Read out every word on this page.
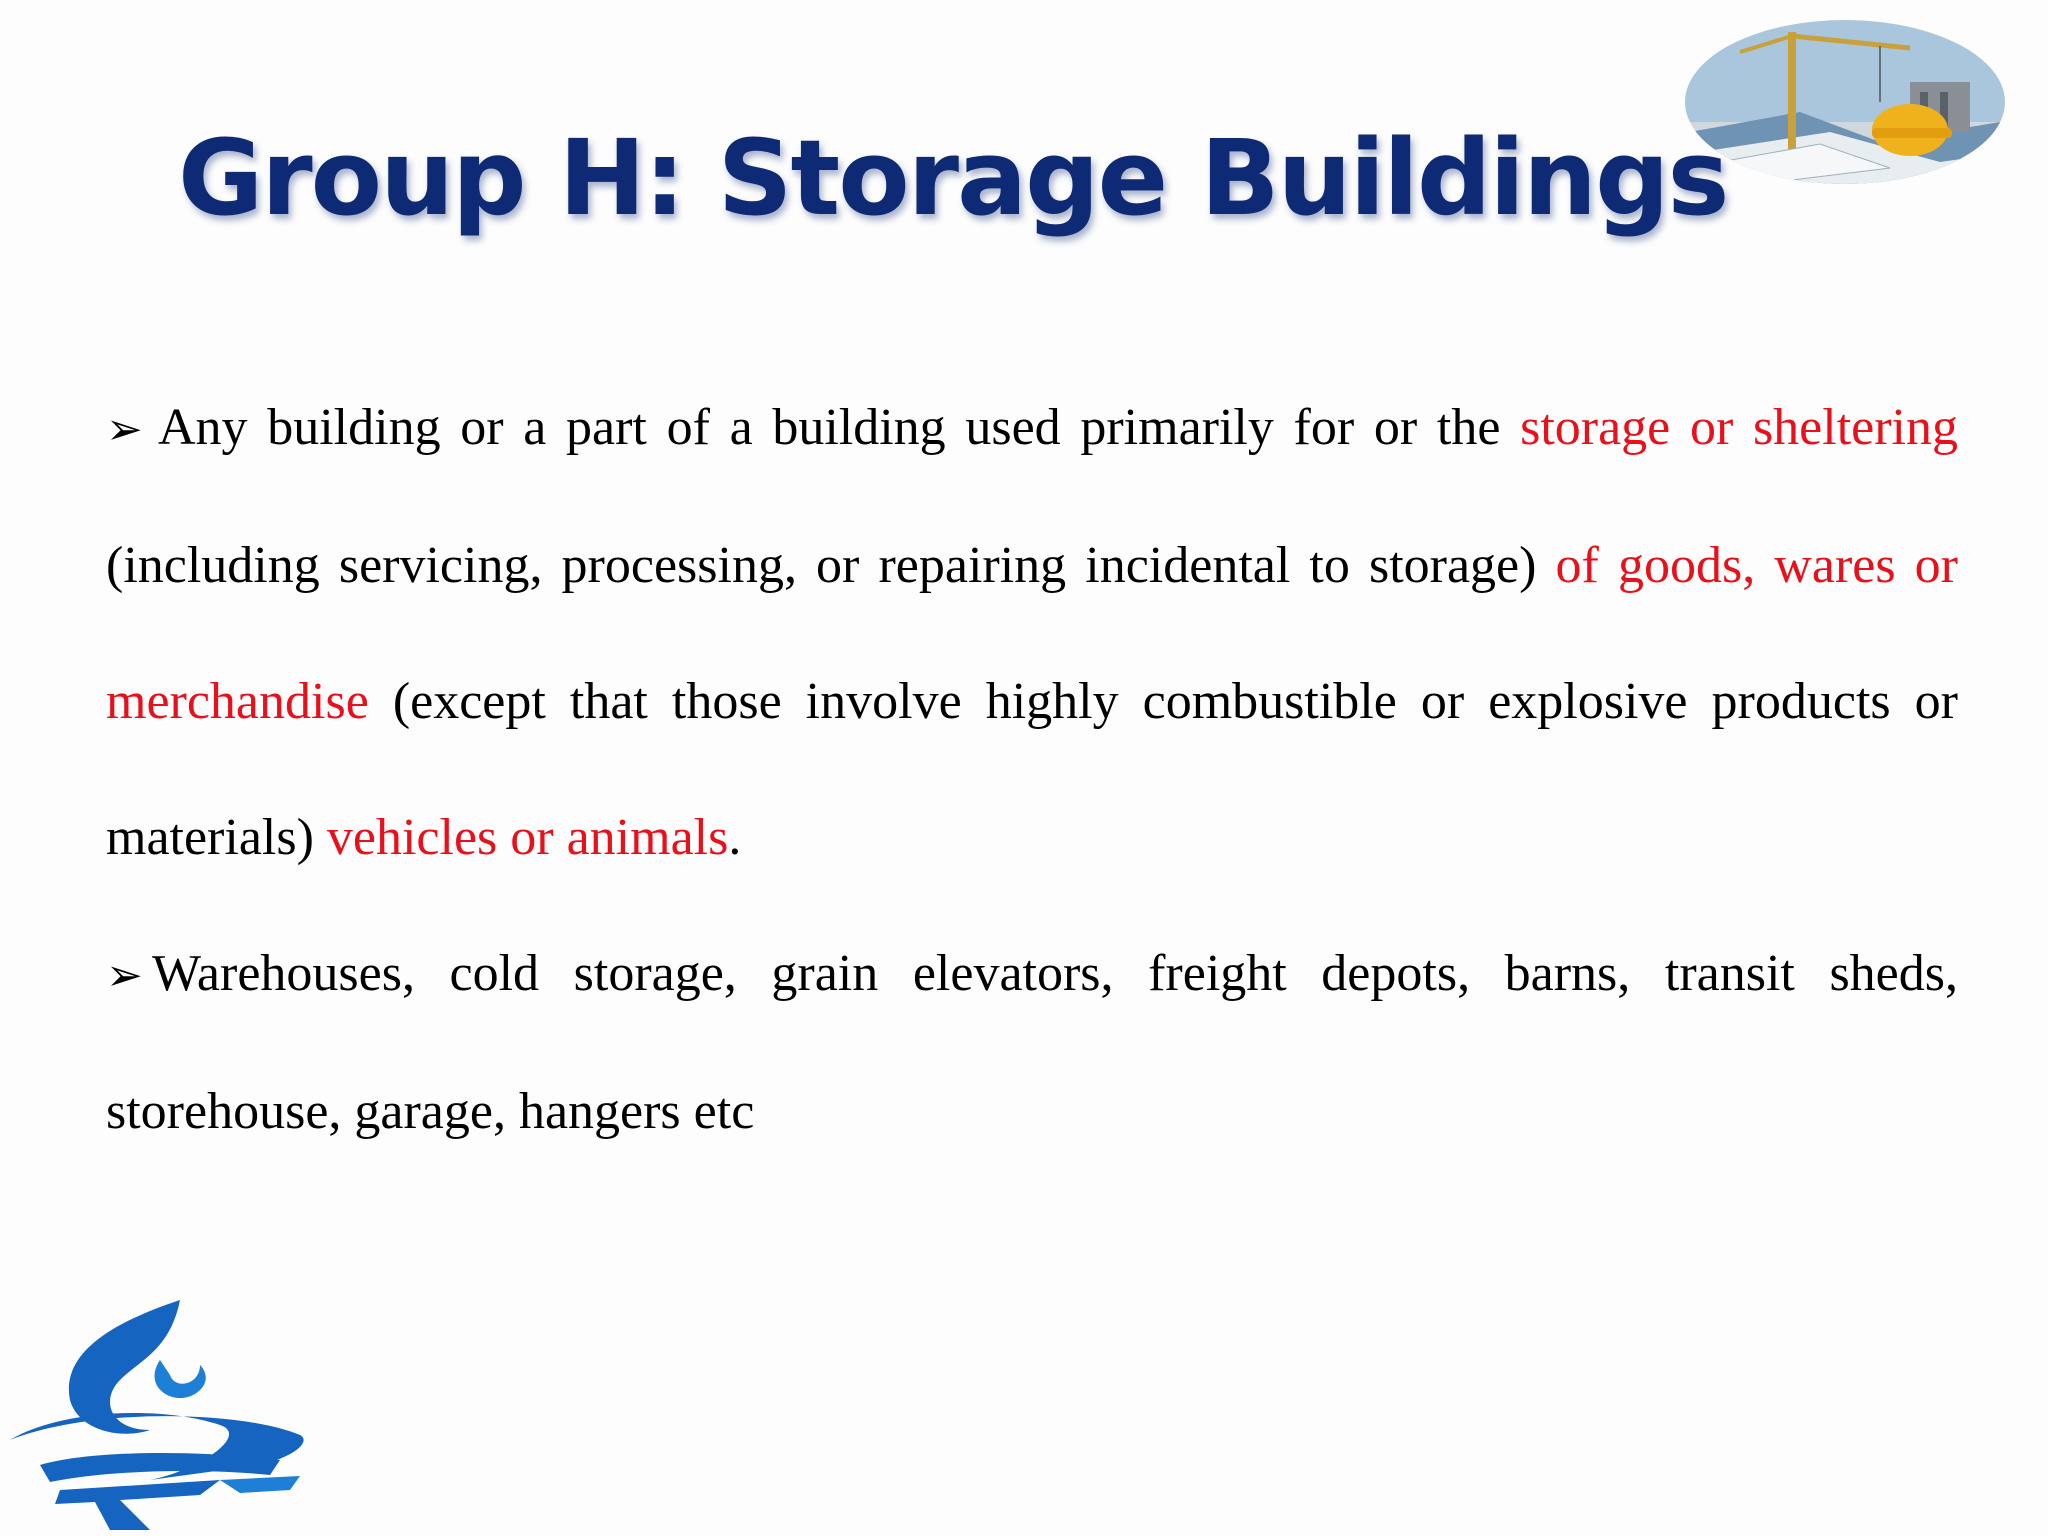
Group H: Storage Buildings

➢ Any building or a part of a building used primarily for or the storage or sheltering (including servicing, processing, or repairing incidental to storage) of goods, wares or merchandise (except that those involve highly combustible or explosive products or materials) vehicles or animals.

➢ Warehouses, cold storage, grain elevators, freight depots, barns, transit sheds, storehouse, garage, hangers etc
